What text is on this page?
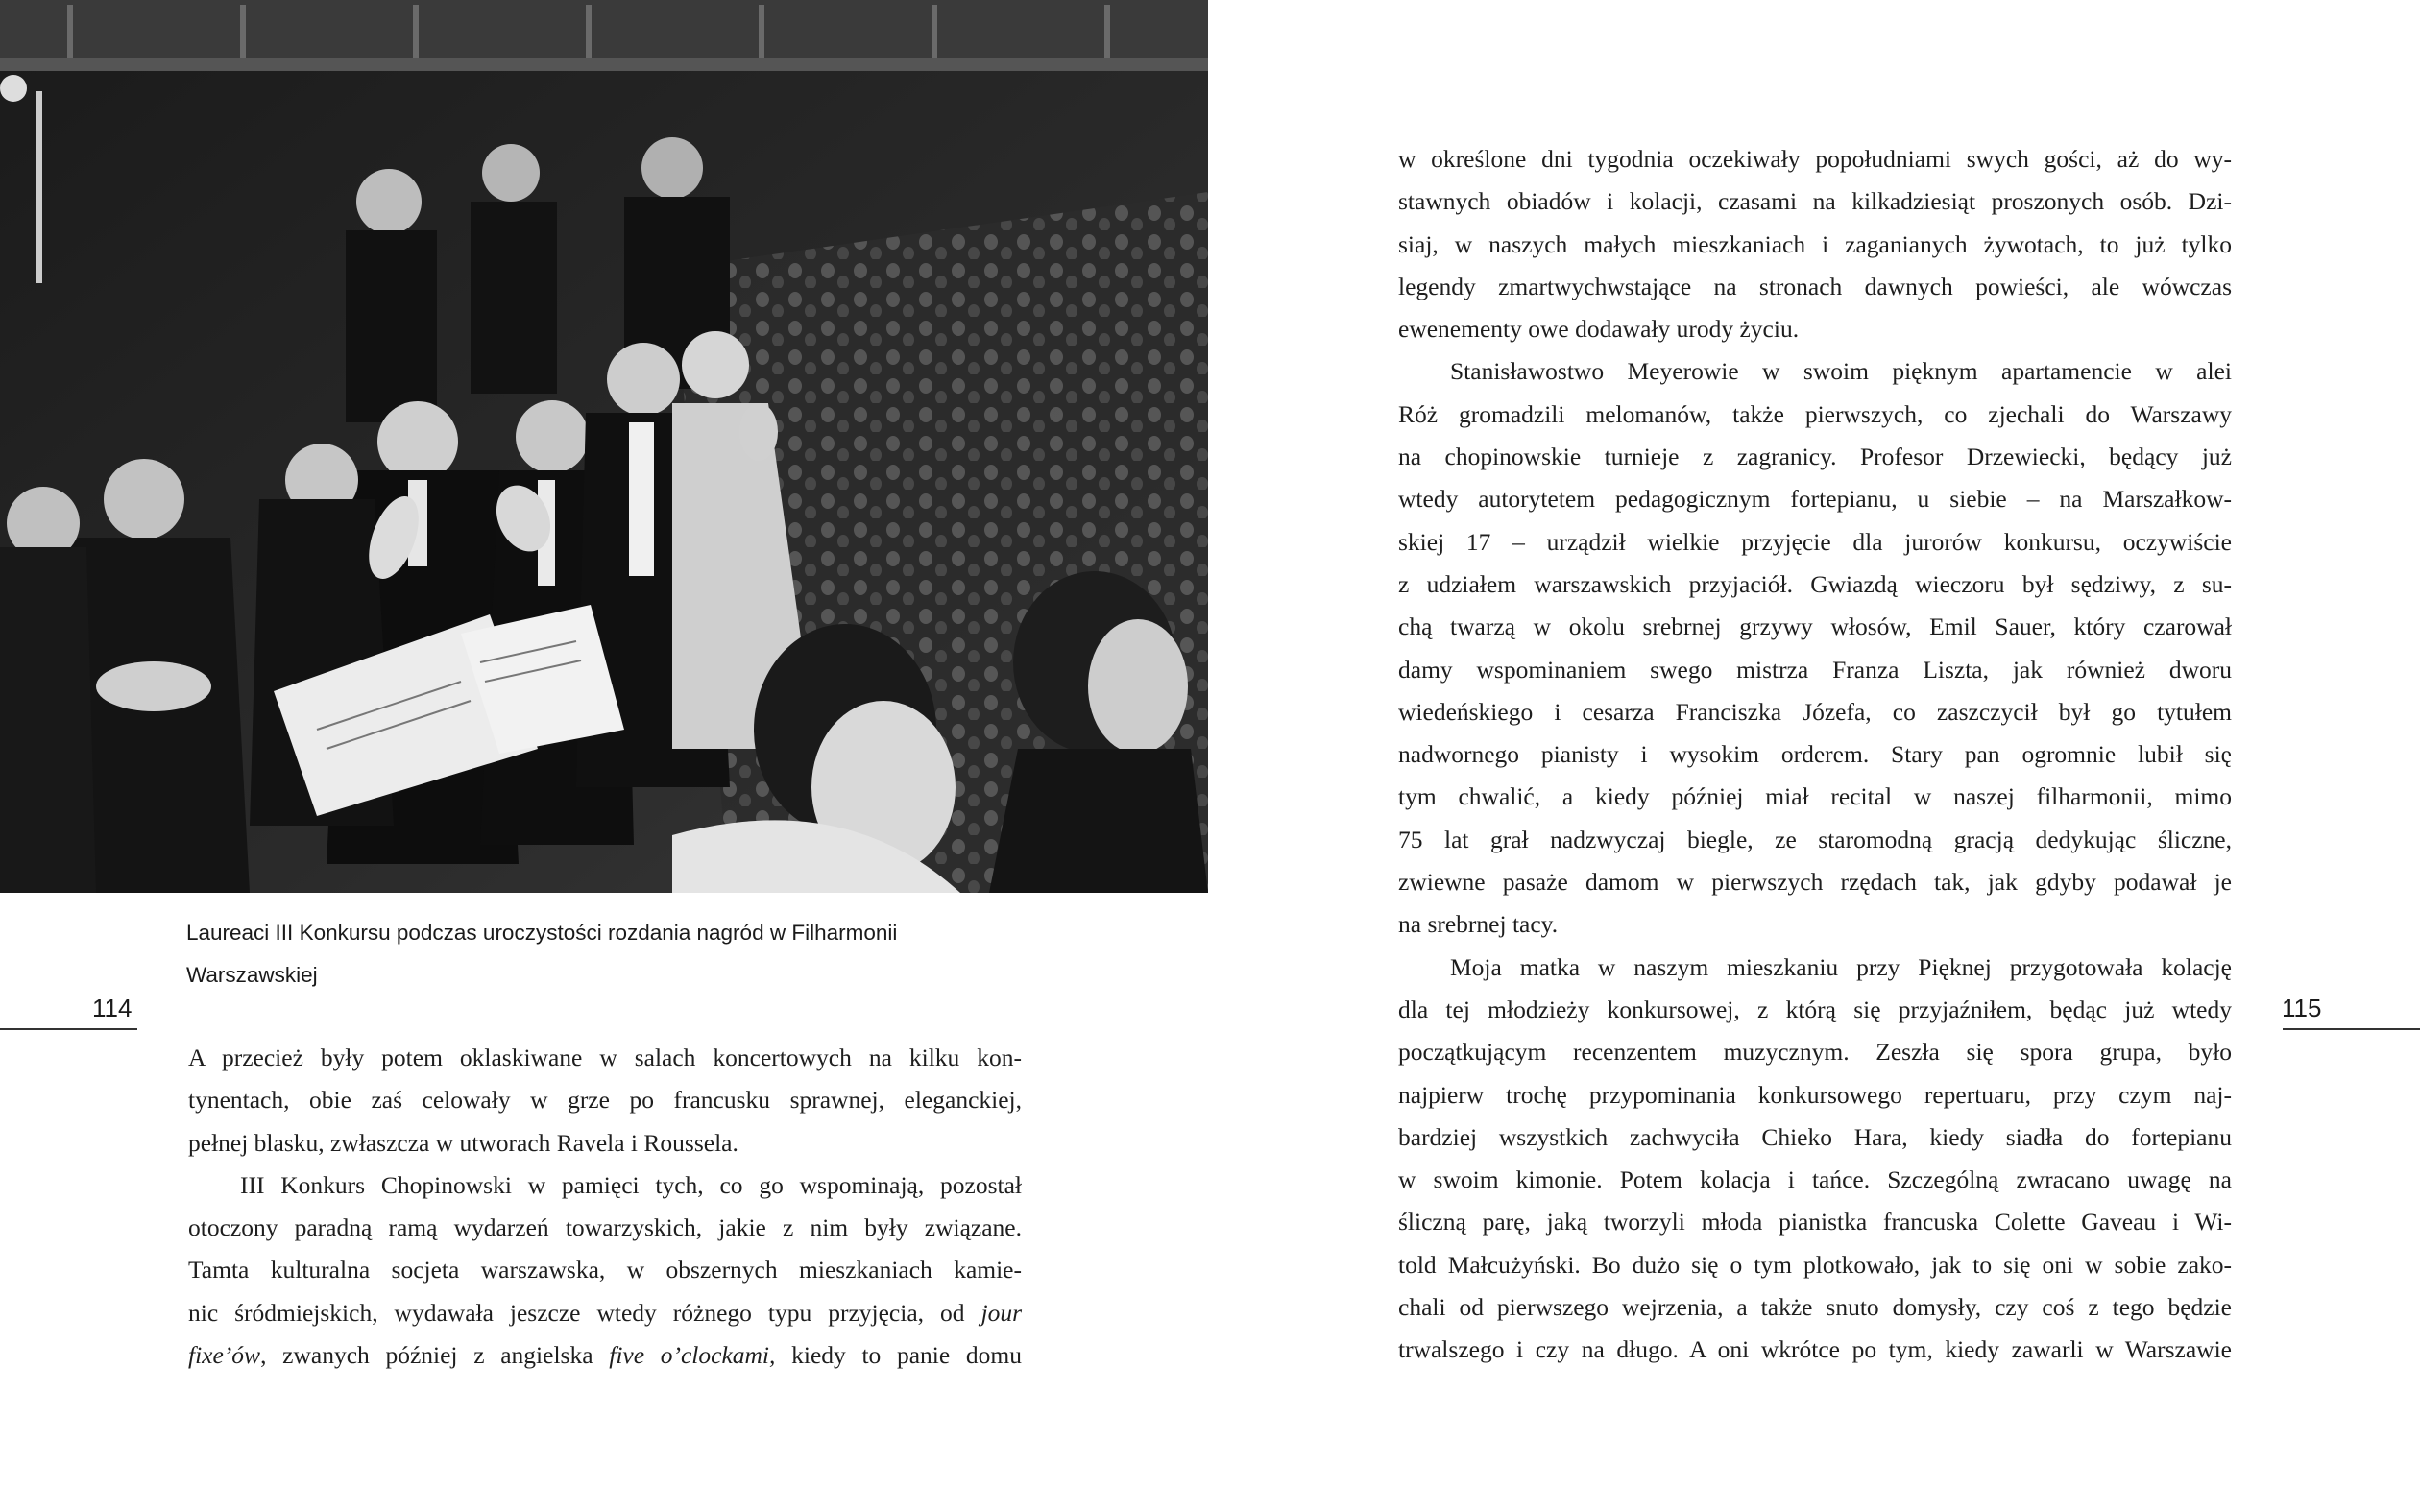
Laureaci III Konkursu podczas uroczystości rozdania nagród w Filharmonii
Warszawskiej
114	115
A przecież były potem oklaskiwane w salach koncertowych na kilku kon-
tynentach, obie zaś celowały w grze po francusku sprawnej, eleganckiej,
pełnej blasku, zwłaszcza w utworach Ravela i Roussela.
III Konkurs Chopinowski w pamięci tych, co go wspominają, pozostał
otoczony paradną ramą wydarzeń towarzyskich, jakie z nim były związane.
Tamta kulturalna socjeta warszawska, w obszernych mieszkaniach kamie-
nic śródmiejskich, wydawała jeszcze wtedy różnego typu przyjęcia, od jour
fixe’ów, zwanych później z angielska five o’clockami, kiedy to panie domu
w określone dni tygodnia oczekiwały popołudniami swych gości, aż do wy-
stawnych obiadów i kolacji, czasami na kilkadziesiąt proszonych osób. Dzi-
siaj, w naszych małych mieszkaniach i zaganianych żywotach, to już tylko
legendy zmartwychwstające na stronach dawnych powieści, ale wówczas
ewenementy owe dodawały urody życiu.
Stanisławostwo Meyerowie w swoim pięknym apartamencie w alei
Róż gromadzili melomanów, także pierwszych, co zjechali do Warszawy
na chopinowskie turnieje z zagranicy. Profesor Drzewiecki, będący już
wtedy autorytetem pedagogicznym fortepianu, u siebie – na Marszałkow-
skiej 17 – urządził wielkie przyjęcie dla jurorów konkursu, oczywiście
z udziałem warszawskich przyjaciół. Gwiazdą wieczoru był sędziwy, z su-
chą twarzą w okolu srebrnej grzywy włosów, Emil Sauer, który czarował
damy wspominaniem swego mistrza Franza Liszta, jak również dworu
wiedeńskiego i cesarza Franciszka Józefa, co zaszczycił był go tytułem
nadwornego pianisty i wysokim orderem. Stary pan ogromnie lubił się
tym chwalić, a kiedy później miał recital w naszej filharmonii, mimo
75 lat grał nadzwyczaj biegle, ze staromodną gracją dedykując śliczne,
zwiewne pasaże damom w pierwszych rzędach tak, jak gdyby podawał je
na srebrnej tacy.
Moja matka w naszym mieszkaniu przy Pięknej przygotowała kolację
dla tej młodzieży konkursowej, z którą się przyjaźniłem, będąc już wtedy
początkującym recenzentem muzycznym. Zeszła się spora grupa, było
najpierw trochę przypominania konkursowego repertuaru, przy czym naj-
bardziej wszystkich zachwyciła Chieko Hara, kiedy siadła do fortepianu
w swoim kimonie. Potem kolacja i tańce. Szczególną zwracano uwagę na
śliczną parę, jaką tworzyli młoda pianistka francuska Colette Gaveau i Wi-
told Małcużyński. Bo dużo się o tym plotkowało, jak to się oni w sobie zako-
chali od pierwszego wejrzenia, a także snuto domysły, czy coś z tego będzie
trwalszego i czy na długo. A oni wkrótce po tym, kiedy zawarli w Warszawie
